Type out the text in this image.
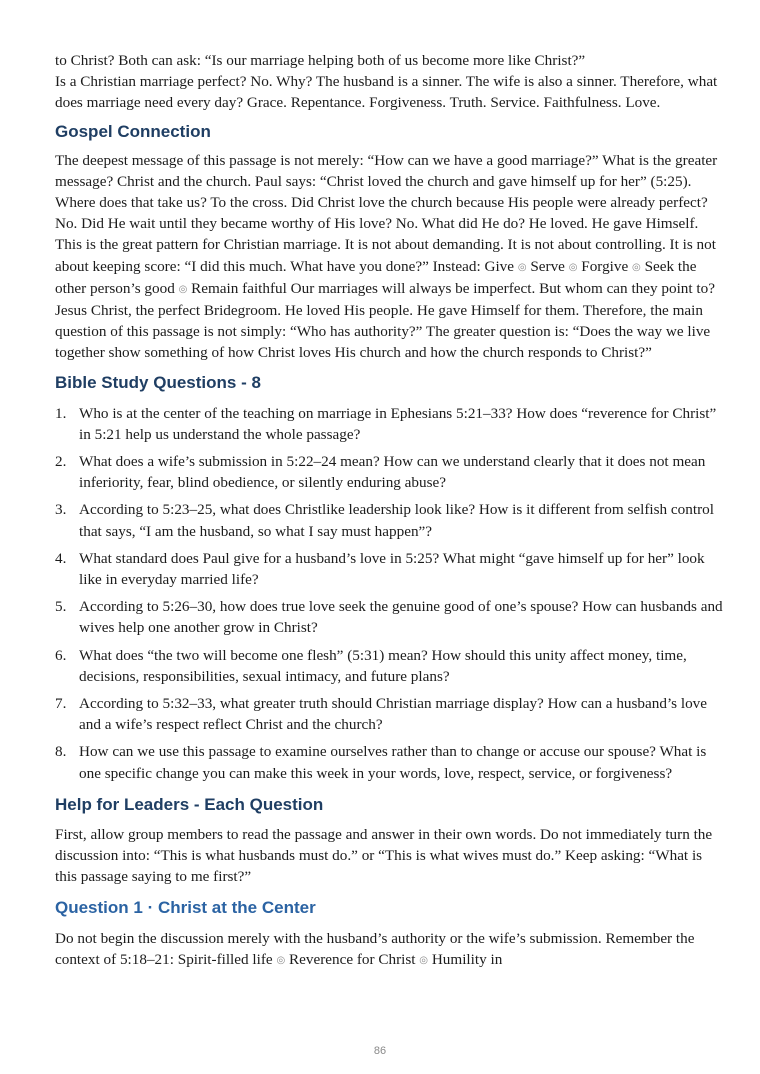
to Christ? Both can ask: “Is our marriage helping both of us become more like Christ?”
Is a Christian marriage perfect? No. Why? The husband is a sinner. The wife is also a sinner. Therefore, what does marriage need every day? Grace. Repentance. Forgiveness. Truth. Service. Faithfulness. Love.

Gospel Connection

The deepest message of this passage is not merely: “How can we have a good marriage?” What is the greater message? Christ and the church. Paul says: “Christ loved the church and gave himself up for her” (5:25). Where does that take us? To the cross. Did Christ love the church because His people were already perfect? No. Did He wait until they became worthy of His love? No. What did He do? He loved. He gave Himself. This is the great pattern for Christian marriage. It is not about demanding. It is not about controlling. It is not about keeping score: “I did this much. What have you done?” Instead: Give ◎ Serve ◎ Forgive ◎ Seek the other person’s good ◎ Remain faithful Our marriages will always be imperfect. But whom can they point to? Jesus Christ, the perfect Bridegroom. He loved His people. He gave Himself for them. Therefore, the main question of this passage is not simply: “Who has authority?” The greater question is: “Does the way we live together show something of how Christ loves His church and how the church responds to Christ?”

Bible Study Questions - 8
1. Who is at the center of the teaching on marriage in Ephesians 5:21–33? How does “reverence for Christ” in 5:21 help us understand the whole passage?
2. What does a wife’s submission in 5:22–24 mean? How can we understand clearly that it does not mean inferiority, fear, blind obedience, or silently enduring abuse?
3. According to 5:23–25, what does Christlike leadership look like? How is it different from selfish control that says, “I am the husband, so what I say must happen”?
4. What standard does Paul give for a husband’s love in 5:25? What might “gave himself up for her” look like in everyday married life?
5. According to 5:26–30, how does true love seek the genuine good of one’s spouse? How can husbands and wives help one another grow in Christ?
6. What does “the two will become one flesh” (5:31) mean? How should this unity affect money, time, decisions, responsibilities, sexual intimacy, and future plans?
7. According to 5:32–33, what greater truth should Christian marriage display? How can a husband’s love and a wife’s respect reflect Christ and the church?
8. How can we use this passage to examine ourselves rather than to change or accuse our spouse? What is one specific change you can make this week in your words, love, respect, service, or forgiveness?
Help for Leaders - Each Question

First, allow group members to read the passage and answer in their own words. Do not immediately turn the discussion into: “This is what husbands must do.” or “This is what wives must do.” Keep asking: “What is this passage saying to me first?”

Question 1 · Christ at the Center

Do not begin the discussion merely with the husband’s authority or the wife’s submission. Remember the context of 5:18–21: Spirit-filled life ◎ Reverence for Christ ◎ Humility in

86
